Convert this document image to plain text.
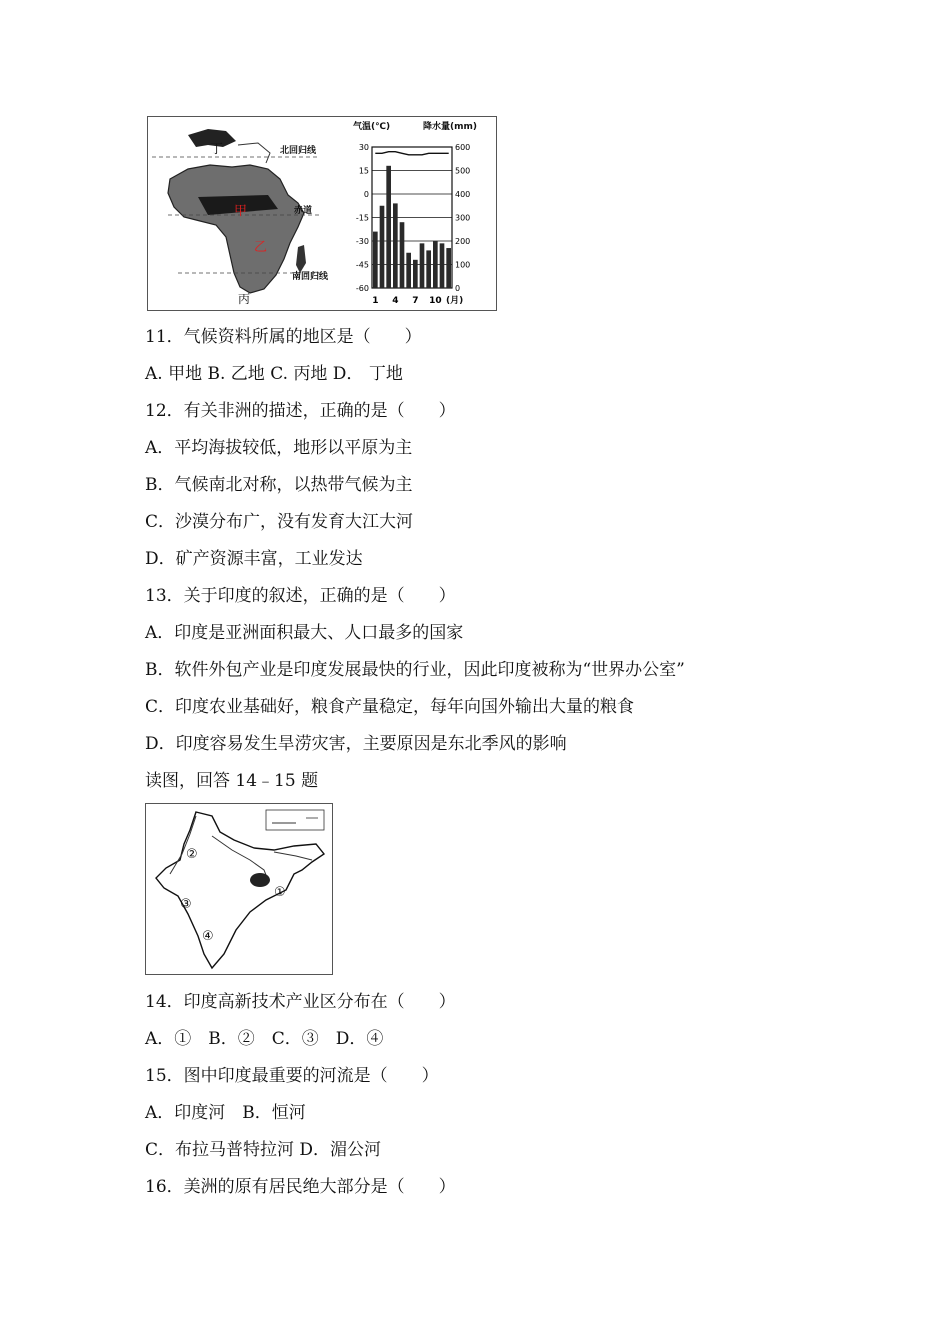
丁
甲
乙
丙
北回归线
赤道
南回归线
气温(℃)	降水量(mm)
30
15
0
-15
-30
-45
-60
600
500
400
300
200
100
0
1 4 7 10 (月)
①
②
③
④
11．气候资料所属的地区是（　　）
A. 甲地 B. 乙地 C. 丙地 D． 丁地
12．有关非洲的描述，正确的是（　　）
A．平均海拔较低，地形以平原为主
B．气候南北对称，以热带气候为主
C．沙漠分布广，没有发育大江大河
D．矿产资源丰富，工业发达
13．关于印度的叙述，正确的是（　　）
A．印度是亚洲面积最大、人口最多的国家
B．软件外包产业是印度发展最快的行业，因此印度被称为“世界办公室”
C．印度农业基础好，粮食产量稳定，每年向国外输出大量的粮食
D．印度容易发生旱涝灾害，主要原因是东北季风的影响
读图，回答 14﹣15 题
14．印度高新技术产业区分布在（　　）
A．①　B．②　C．③　D．④
15．图中印度最重要的河流是（　　）
A．印度河　B．恒河
C．布拉马普特拉河 D．湄公河
16．美洲的原有居民绝大部分是（　　）
